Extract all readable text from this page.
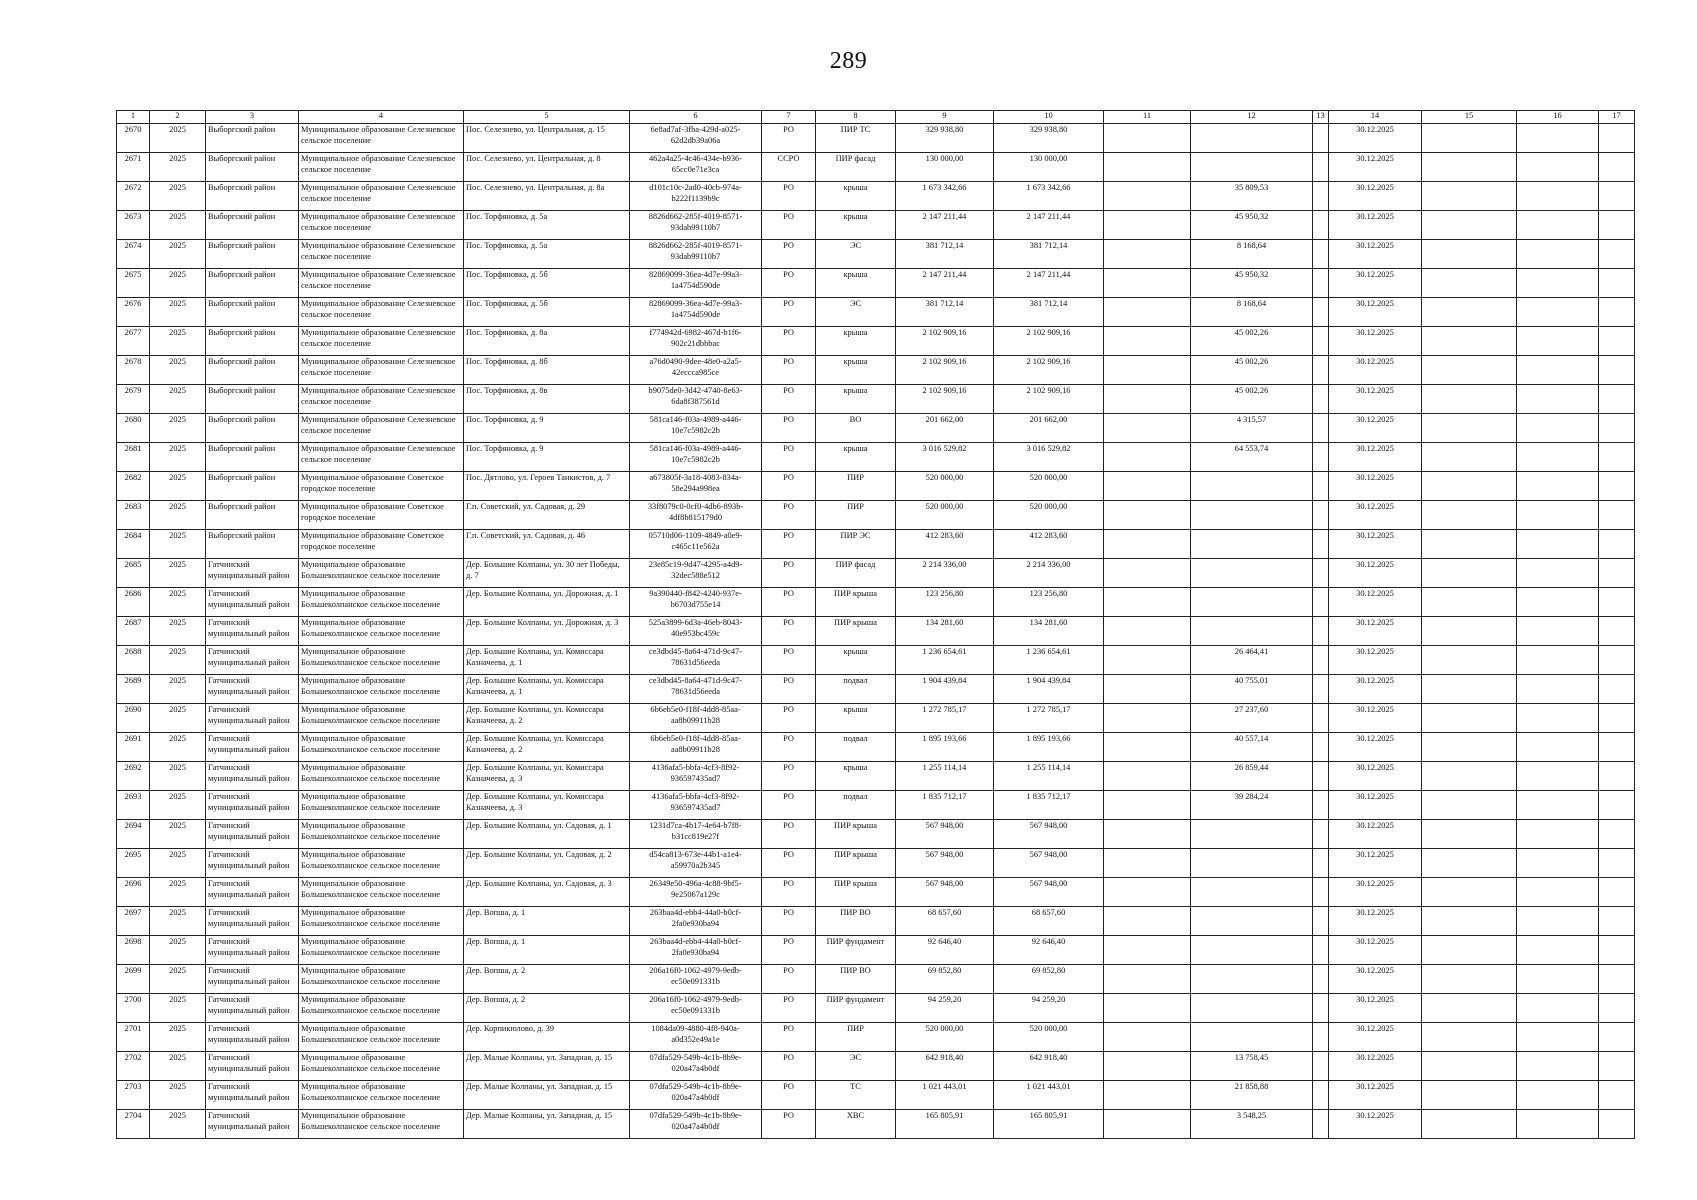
289
1	2	3	4	5	6	7	8	9	10	11	12	13	14	15	16	17
2670	2025	Выборгский район	Муниципальное образование Селезневское сельское поселение	Пос. Селезнево, ул. Центральная, д. 15	6e8ad7af-3fba-429d-a025-62d2db39a06a	РО	ПИР ТС	329 938,80	329 938,80				30.12.2025			
2671	2025	Выборгский район	Муниципальное образование Селезневское сельское поселение	Пос. Селезнево, ул. Центральная, д. 8	462a4a25-4c46-434e-b936-65cc0e71e3ca	ССРО	ПИР фасад	130 000,00	130 000,00				30.12.2025			
2672	2025	Выборгский район	Муниципальное образование Селезневское сельское поселение	Пос. Селезнево, ул. Центральная, д. 8а	d101c10c-2ad0-40cb-974a-b222f1139b9c	РО	крыша	1 673 342,66	1 673 342,66		35 809,53		30.12.2025			
2673	2025	Выборгский район	Муниципальное образование Селезневское сельское поселение	Пос. Торфяновка, д. 5а	8826d662-285f-4019-8571-93dab99110b7	РО	крыша	2 147 211,44	2 147 211,44		45 950,32		30.12.2025			
2674	2025	Выборгский район	Муниципальное образование Селезневское сельское поселение	Пос. Торфяновка, д. 5а	8826d662-285f-4019-8571-93dab99110b7	РО	ЭС	381 712,14	381 712,14		8 168,64		30.12.2025			
2675	2025	Выборгский район	Муниципальное образование Селезневское сельское поселение	Пос. Торфяновка, д. 5б	82869099-36ea-4d7e-99a3-1a4754d590de	РО	крыша	2 147 211,44	2 147 211,44		45 950,32		30.12.2025			
2676	2025	Выборгский район	Муниципальное образование Селезневское сельское поселение	Пос. Торфяновка, д. 5б	82869099-36ea-4d7e-99a3-1a4754d590de	РО	ЭС	381 712,14	381 712,14		8 168,64		30.12.2025			
2677	2025	Выборгский район	Муниципальное образование Селезневское сельское поселение	Пос. Торфяновка, д. 8а	f774942d-6982-467d-b1f6-902c21dbbbac	РО	крыша	2 102 909,16	2 102 909,16		45 002,26		30.12.2025			
2678	2025	Выборгский район	Муниципальное образование Селезневское сельское поселение	Пос. Торфяновка, д. 8б	a76d0490-9dee-48e0-a2a5-42eccca985ce	РО	крыша	2 102 909,16	2 102 909,16		45 002,26		30.12.2025			
2679	2025	Выборгский район	Муниципальное образование Селезневское сельское поселение	Пос. Торфяновка, д. 8в	b9075de0-3d42-4740-8e63-6da8f387561d	РО	крыша	2 102 909,16	2 102 909,16		45 002,26		30.12.2025			
2680	2025	Выборгский район	Муниципальное образование Селезневское сельское поселение	Пос. Торфяновка, д. 9	581ca146-f03a-4989-a446-10e7c5982c2b	РО	ВО	201 662,00	201 662,00		4 315,57		30.12.2025			
2681	2025	Выборгский район	Муниципальное образование Селезневское сельское поселение	Пос. Торфяновка, д. 9	581ca146-f03a-4989-a446-10e7c5982c2b	РО	крыша	3 016 529,82	3 016 529,82		64 553,74		30.12.2025			
2682	2025	Выборгский район	Муниципальное образование Советское городское поселение	Пос. Дятлово, ул. Героев Танкистов, д. 7	a673805f-3a18-4083-834a-58e294a998ea	РО	ПИР	520 000,00	520 000,00				30.12.2025			
2683	2025	Выборгский район	Муниципальное образование Советское городское поселение	Г.п. Советский, ул. Садовая, д. 29	33f8079c0-0cf0-4db6-893b-4df8b815179d0	РО	ПИР	520 000,00	520 000,00				30.12.2025			
2684	2025	Выборгский район	Муниципальное образование Советское городское поселение	Г.п. Советский, ул. Садовая, д. 46	05710d06-1109-4849-a0e9-c465c11e562a	РО	ПИР ЭС	412 283,60	412 283,60				30.12.2025			
2685	2025	Гатчинский муниципальный район	Муниципальное образование Большеколпанское сельское поселение	Дер. Большие Колпаны, ул. 30 лет Победы, д. 7	23e85c19-9d47-4295-a4d9-32dec588e512	РО	ПИР фасад	2 214 336,00	2 214 336,00				30.12.2025			
2686	2025	Гатчинский муниципальный район	Муниципальное образование Большеколпанское сельское поселение	Дер. Большие Колпаны, ул. Дорожная, д. 1	9a390440-f842-4240-937e-b6703d755e14	РО	ПИР крыша	123 256,80	123 256,80				30.12.2025			
2687	2025	Гатчинский муниципальный район	Муниципальное образование Большеколпанское сельское поселение	Дер. Большие Колпаны, ул. Дорожная, д. 3	525a3899-6d3a-46eb-8043-40e953bc459c	РО	ПИР крыша	134 281,60	134 281,60				30.12.2025			
2688	2025	Гатчинский муниципальный район	Муниципальное образование Большеколпанское сельское поселение	Дер. Большие Колпаны, ул. Комиссара Казначеева, д. 1	ce3dbd45-8a64-471d-9c47-78631d56eeda	РО	крыша	1 236 654,61	1 236 654,61		26 464,41		30.12.2025			
2689	2025	Гатчинский муниципальный район	Муниципальное образование Большеколпанское сельское поселение	Дер. Большие Колпаны, ул. Комиссара Казначеева, д. 1	ce3dbd45-8a64-471d-9c47-78631d56eeda	РО	подвал	1 904 439,84	1 904 439,84		40 755,01		30.12.2025			
2690	2025	Гатчинский муниципальный район	Муниципальное образование Большеколпанское сельское поселение	Дер. Большие Колпаны, ул. Комиссара Казначеева, д. 2	6b6eb5e0-f18f-4dd8-85aa-aa8b09911b28	РО	крыша	1 272 785,17	1 272 785,17		27 237,60		30.12.2025			
2691	2025	Гатчинский муниципальный район	Муниципальное образование Большеколпанское сельское поселение	Дер. Большие Колпаны, ул. Комиссара Казначеева, д. 2	6b6eb5e0-f18f-4dd8-85aa-aa8b09911b28	РО	подвал	1 895 193,66	1 895 193,66		40 557,14		30.12.2025			
2692	2025	Гатчинский муниципальный район	Муниципальное образование Большеколпанское сельское поселение	Дер. Большие Колпаны, ул. Комиссара Казначеева, д. 3	4136afa5-bbfa-4cf3-8f92-936597435ad7	РО	крыша	1 255 114,14	1 255 114,14		26 859,44		30.12.2025			
2693	2025	Гатчинский муниципальный район	Муниципальное образование Большеколпанское сельское поселение	Дер. Большие Колпаны, ул. Комиссара Казначеева, д. 3	4136afa5-bbfa-4cf3-8f92-936597435ad7	РО	подвал	1 835 712,17	1 835 712,17		39 284,24		30.12.2025			
2694	2025	Гатчинский муниципальный район	Муниципальное образование Большеколпанское сельское поселение	Дер. Большие Колпаны, ул. Садовая, д. 1	1231d7ca-4b17-4e64-b7f8-b31cc819e27f	РО	ПИР крыша	567 948,00	567 948,00				30.12.2025			
2695	2025	Гатчинский муниципальный район	Муниципальное образование Большеколпанское сельское поселение	Дер. Большие Колпаны, ул. Садовая, д. 2	d54ca813-673e-44b1-a1e4-a59970a2b345	РО	ПИР крыша	567 948,00	567 948,00				30.12.2025			
2696	2025	Гатчинский муниципальный район	Муниципальное образование Большеколпанское сельское поселение	Дер. Большие Колпаны, ул. Садовая, д. 3	26349e50-496a-4c88-9bf5-9e25067a129c	РО	ПИР крыша	567 948,00	567 948,00				30.12.2025			
2697	2025	Гатчинский муниципальный район	Муниципальное образование Большеколпанское сельское поселение	Дер. Вопша, д. 1	263baa4d-ebb4-44a0-b0cf-2fa0e930ba94	РО	ПИР ВО	68 657,60	68 657,60				30.12.2025			
2698	2025	Гатчинский муниципальный район	Муниципальное образование Большеколпанское сельское поселение	Дер. Вопша, д. 1	263baa4d-ebb4-44a0-b0cf-2fa0e930ba94	РО	ПИР фундамент	92 646,40	92 646,40				30.12.2025			
2699	2025	Гатчинский муниципальный район	Муниципальное образование Большеколпанское сельское поселение	Дер. Вопша, д. 2	206a16f0-1062-4979-9edb-ec50e091331b	РО	ПИР ВО	69 852,80	69 852,80				30.12.2025			
2700	2025	Гатчинский муниципальный район	Муниципальное образование Большеколпанское сельское поселение	Дер. Вопша, д. 2	206a16f0-1062-4979-9edb-ec50e091331b	РО	ПИР фундамент	94 259,20	94 259,20				30.12.2025			
2701	2025	Гатчинский муниципальный район	Муниципальное образование Большеколпанское сельское поселение	Дер. Корпикюлово, д. 39	1084da09-4880-4f8-940a-a0d352e49a1e	РО	ПИР	520 000,00	520 000,00				30.12.2025			
2702	2025	Гатчинский муниципальный район	Муниципальное образование Большеколпанское сельское поселение	Дер. Малые Колпаны, ул. Западная, д. 15	07dfa529-549b-4c1b-8b9e-020a47a4b0df	РО	ЭС	642 918,40	642 918,40		13 758,45		30.12.2025			
2703	2025	Гатчинский муниципальный район	Муниципальное образование Большеколпанское сельское поселение	Дер. Малые Колпаны, ул. Западная, д. 15	07dfa529-549b-4c1b-8b9e-020a47a4b0df	РО	ТС	1 021 443,01	1 021 443,01		21 858,88		30.12.2025			
2704	2025	Гатчинский муниципальный район	Муниципальное образование Большеколпанское сельское поселение	Дер. Малые Колпаны, ул. Западная, д. 15	07dfa529-549b-4c1b-8b9e-020a47a4b0df	РО	ХВС	165 805,91	165 805,91		3 548,25		30.12.2025			
